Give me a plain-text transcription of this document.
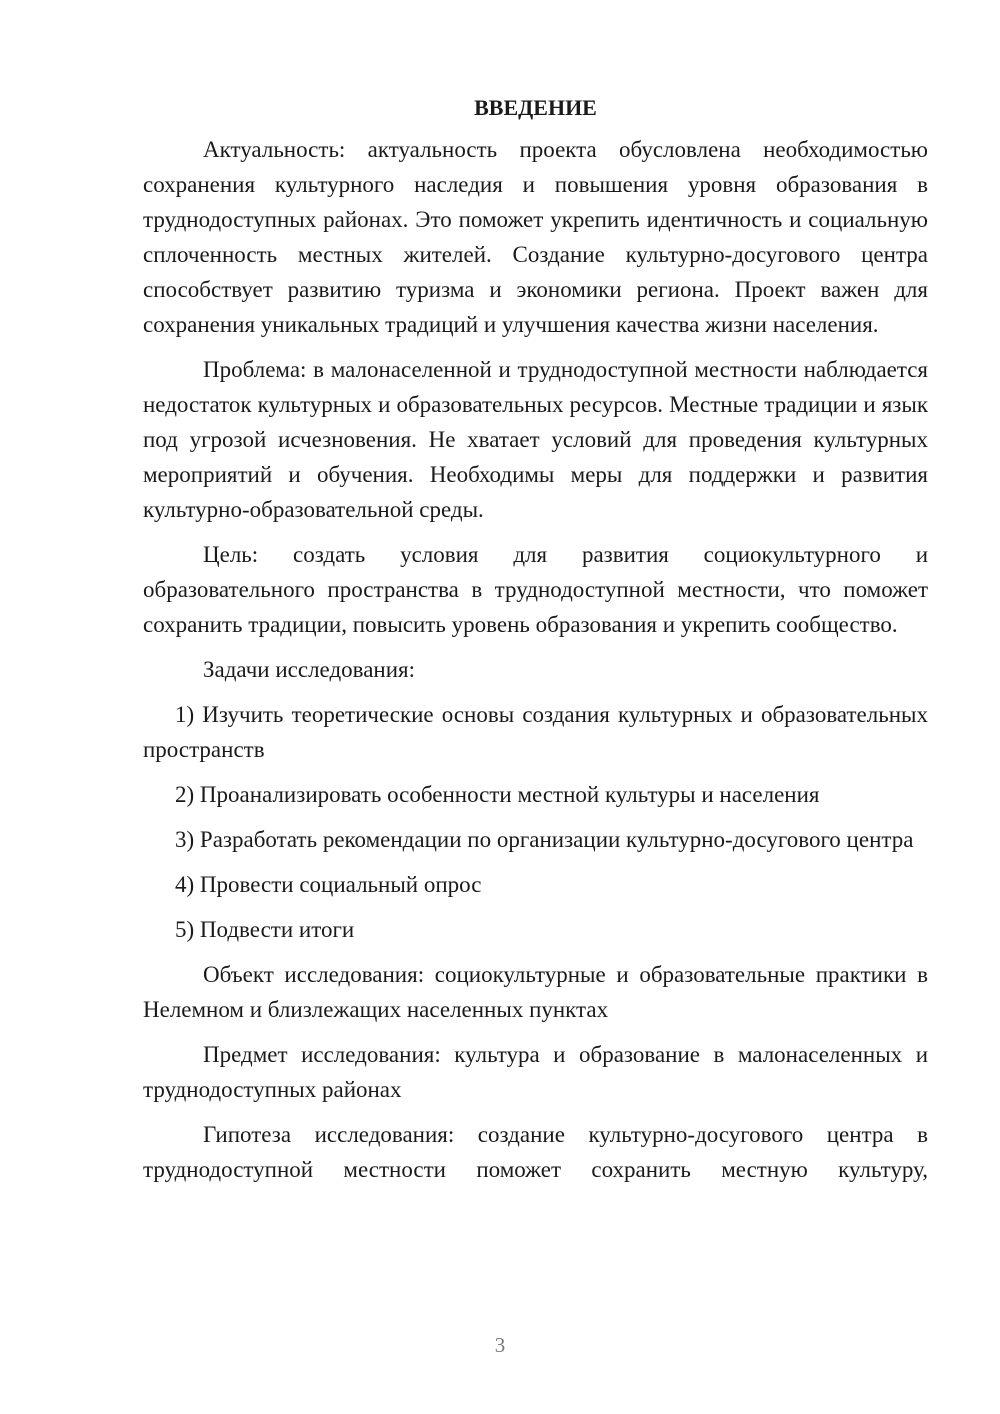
ВВЕДЕНИЕ

Актуальность: актуальность проекта обусловлена необходимостью сохранения культурного наследия и повышения уровня образования в труднодоступных районах. Это поможет укрепить идентичность и социальную сплоченность местных жителей. Создание культурно-досугового центра способствует развитию туризма и экономики региона. Проект важен для сохранения уникальных традиций и улучшения качества жизни населения.

Проблема: в малонаселенной и труднодоступной местности наблюдается недостаток культурных и образовательных ресурсов. Местные традиции и язык под угрозой исчезновения. Не хватает условий для проведения культурных мероприятий и обучения. Необходимы меры для поддержки и развития культурно-образовательной среды.

Цель: создать условия для развития социокультурного и образовательного пространства в труднодоступной местности, что поможет сохранить традиции, повысить уровень образования и укрепить сообщество.

Задачи исследования:

1) Изучить теоретические основы создания культурных и образовательных пространств

2) Проанализировать особенности местной культуры и населения

3) Разработать рекомендации по организации культурно-досугового центра

4) Провести социальный опрос

5) Подвести итоги

Объект исследования: социокультурные и образовательные практики в Нелемном и близлежащих населенных пунктах

Предмет исследования: культура и образование в малонаселенных и труднодоступных районах

Гипотеза исследования: создание культурно-досугового центра в труднодоступной местности поможет сохранить местную культуру,

3
